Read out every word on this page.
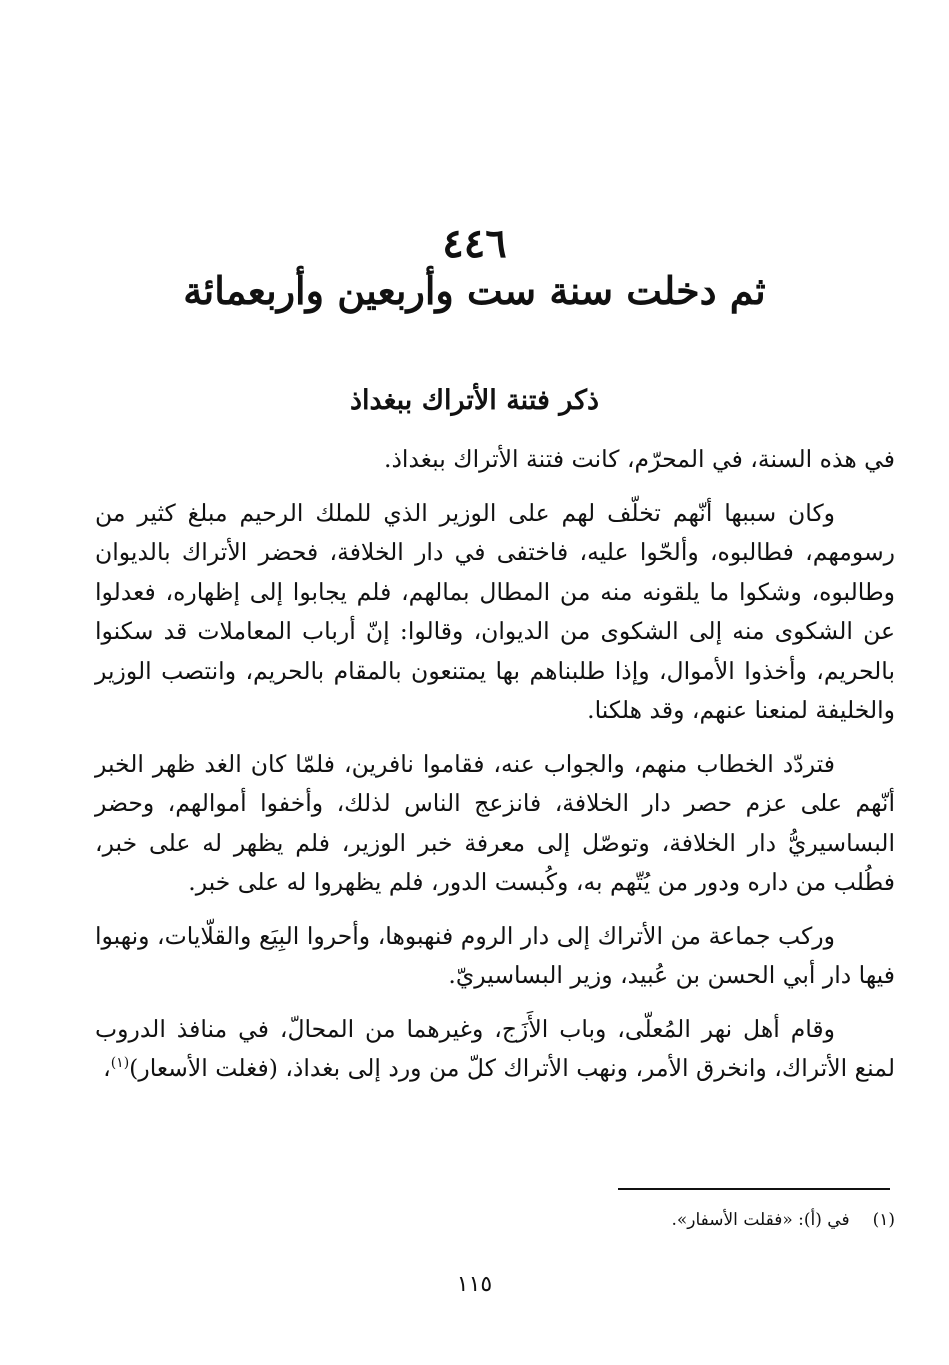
٤٤٦
ثم دخلت سنة ست وأربعين وأربعمائة
ذكر فتنة الأتراك ببغداذ

في هذه السنة، في المحرّم، كانت فتنة الأتراك ببغداذ.

وكان سببها أنّهم تخلّف لهم على الوزير الذي للملك الرحيم مبلغ كثير من رسومهم، فطالبوه، وألحّوا عليه، فاختفى في دار الخلافة، فحضر الأتراك بالديوان وطالبوه، وشكوا ما يلقونه منه من المطال بمالهم، فلم يجابوا إلى إظهاره، فعدلوا عن الشكوى منه إلى الشكوى من الديوان، وقالوا: إنّ أرباب المعاملات قد سكنوا بالحريم، وأخذوا الأموال، وإذا طلبناهم بها يمتنعون بالمقام بالحريم، وانتصب الوزير والخليفة لمنعنا عنهم، وقد هلكنا.

فتردّد الخطاب منهم، والجواب عنه، فقاموا نافرين، فلمّا كان الغد ظهر الخبر أنّهم على عزم حصر دار الخلافة، فانزعج الناس لذلك، وأخفوا أموالهم، وحضر البساسيريُّ دار الخلافة، وتوصّل إلى معرفة خبر الوزير، فلم يظهر له على خبر، فطُلب من داره ودور من يُتّهم به، وكُبست الدور، فلم يظهروا له على خبر.

وركب جماعة من الأتراك إلى دار الروم فنهبوها، وأحروا البِيَع والقلّايات، ونهبوا فيها دار أبي الحسن بن عُبيد، وزير البساسيريّ.

وقام أهل نهر المُعلّى، وباب الأَزَج، وغيرهما من المحالّ، في منافذ الدروب لمنع الأتراك، وانخرق الأمر، ونهب الأتراك كلّ من ورد إلى بغداذ، (فغلت الأسعار)$^{(١)}$،

(١) في (أ): «فقلت الأسفار».
١١٥
